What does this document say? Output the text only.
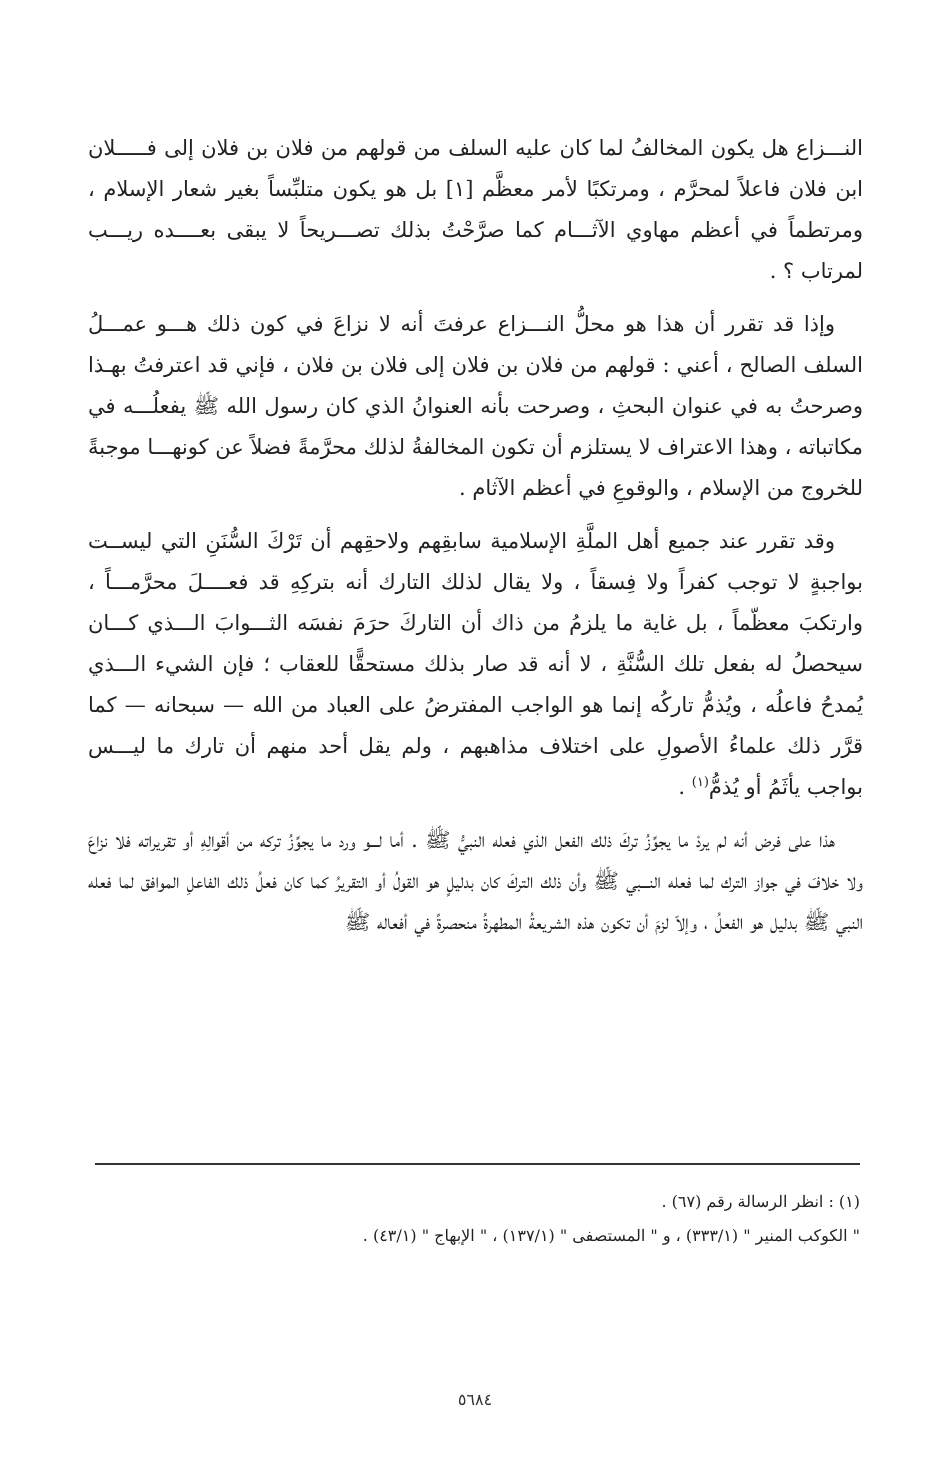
النـــزاع هل يكون المخالفُ لما كان عليه السلف من قولهم من فلان بن فلان إلى فـــــلان ابن فلان فاعلاً لمحرَّم ، ومرتكبًا لأمر معظَّم [١] بل هو يكون متلبِّساً بغير شعار الإسلام ، ومرتطماً في أعظم مهاوي الآثـــام كما صرَّحْتُ بذلك تصـــريحاً لا يبقى بعــــده ريـــب لمرتاب ؟ .

وإذا قد تقرر أن هذا هو محلُّ النـــزاع عرفتَ أنه لا نزاعَ في كون ذلك هـــو عمـــلُ السلف الصالح ، أعني : قولهم من فلان بن فلان إلى فلان بن فلان ، فإني قد اعترفتُ بهـذا وصرحتُ به في عنوان البحثِ ، وصرحت بأنه العنوانُ الذي كان رسول الله ﷺ يفعلُـــه في مكاتباته ، وهذا الاعتراف لا يستلزم أن تكون المخالفةُ لذلك محرَّمةً فضلاً عن كونهـــا موجبةً للخروج من الإسلام ، والوقوعِ في أعظم الآثام .

وقد تقرر عند جميع أهل الملَّةِ الإسلامية سابقِهم ولاحقِهم أن تَرْكَ السُّنَنِ التي ليســت بواجبةٍ لا توجب كفراً ولا فِسقاً ، ولا يقال لذلك التارك أنه بتركِهِ قد فعــــلَ محرَّمـــاً ، وارتكبَ معظّماً ، بل غاية ما يلزمُ من ذاك أن التاركَ حرَمَ نفسَه الثـــوابَ الـــذي كـــان سيحصلُ له بفعل تلك السُّنَّةِ ، لا أنه قد صار بذلك مستحقًّا للعقاب ؛ فإن الشيء الـــذي يُمدحُ فاعلُه ، ويُذمُّ تاركُه إنما هو الواجب المفترضُ على العباد من الله — سبحانه — كما قرَّر ذلك علماءُ الأصولِ على اختلاف مذاهبهم ، ولم يقل أحد منهم أن تارك ما ليـــس بواجب يأثَمُ أو يُذمُّ$^{(١)}$ .

هذا على فرض أنه لم يردْ ما يجوِّزُ تركَ ذلك الفعل الذي فعله النبيُّ ﷺ . أما لـــو ورد ما يجوِّزُ تركه من أقوالِهِ أو تقريراته فلا نزاعَ ولا خلافَ في جواز الترك لما فعله النـــبي ﷺ وأن ذلك التركَ كان بدليلٍ هو القولُ أو التقريرُ كما كان فعلُ ذلك الفاعلِ الموافق لما فعله النبي ﷺ بدليل هو الفعلُ ، وإلاّ لزمَ أن تكون هذه الشريعةُ المطهرةُ منحصرةً في أفعاله ﷺ

(١) : انظر الرسالة رقم (٦٧) .

" الكوكب المنير " (٣٣٣/١) ، و " المستصفى " (١٣٧/١) ، " الإبهاج " (٤٣/١) .

٥٦٨٤
